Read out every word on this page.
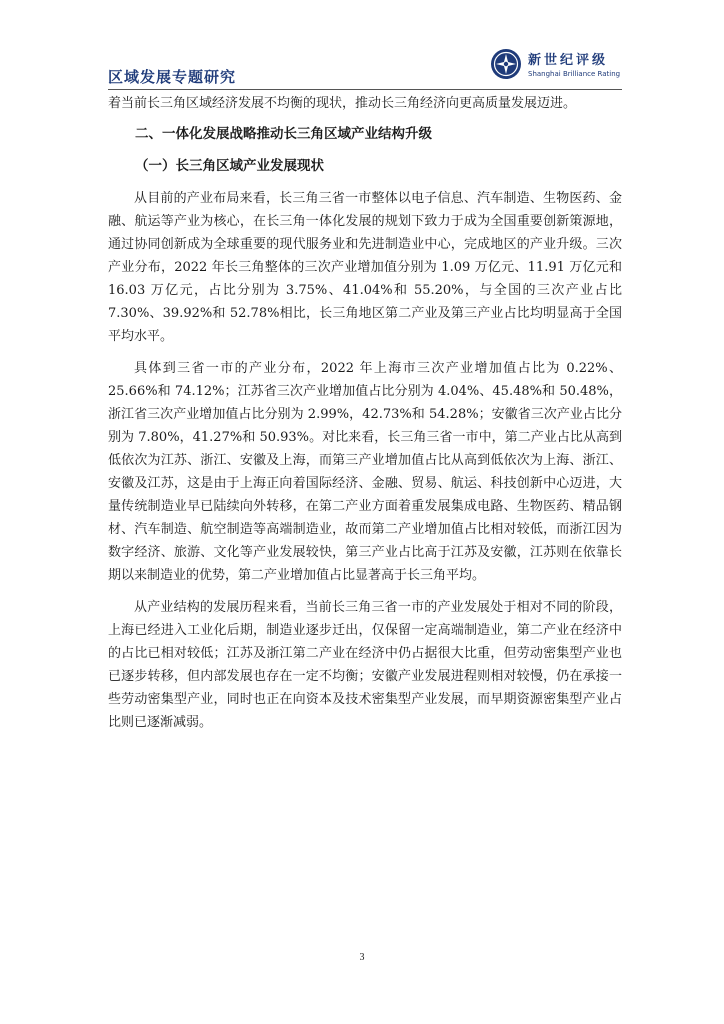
区域发展专题研究
新世纪评级
Shanghai Brilliance Rating

着当前长三角区域经济发展不均衡的现状，推动长三角经济向更高质量发展迈进。

二、一体化发展战略推动长三角区域产业结构升级

（一）长三角区域产业发展现状

从目前的产业布局来看，长三角三省一市整体以电子信息、汽车制造、生物医药、金融、航运等产业为核心，在长三角一体化发展的规划下致力于成为全国重要创新策源地，通过协同创新成为全球重要的现代服务业和先进制造业中心，完成地区的产业升级。三次产业分布，2022 年长三角整体的三次产业增加值分别为 1.09 万亿元、11.91 万亿元和 16.03 万亿元，占比分别为 3.75%、41.04%和 55.20%，与全国的三次产业占比 7.30%、39.92%和 52.78%相比，长三角地区第二产业及第三产业占比均明显高于全国平均水平。

具体到三省一市的产业分布，2022 年上海市三次产业增加值占比为 0.22%、25.66%和 74.12%；江苏省三次产业增加值占比分别为 4.04%、45.48%和 50.48%，浙江省三次产业增加值占比分别为 2.99%，42.73%和 54.28%；安徽省三次产业占比分别为 7.80%，41.27%和 50.93%。对比来看，长三角三省一市中，第二产业占比从高到低依次为江苏、浙江、安徽及上海，而第三产业增加值占比从高到低依次为上海、浙江、安徽及江苏，这是由于上海正向着国际经济、金融、贸易、航运、科技创新中心迈进，大量传统制造业早已陆续向外转移，在第二产业方面着重发展集成电路、生物医药、精品钢材、汽车制造、航空制造等高端制造业，故而第二产业增加值占比相对较低，而浙江因为数字经济、旅游、文化等产业发展较快，第三产业占比高于江苏及安徽，江苏则在依靠长期以来制造业的优势，第二产业增加值占比显著高于长三角平均。

从产业结构的发展历程来看，当前长三角三省一市的产业发展处于相对不同的阶段，上海已经进入工业化后期，制造业逐步迁出，仅保留一定高端制造业，第二产业在经济中的占比已相对较低；江苏及浙江第二产业在经济中仍占据很大比重，但劳动密集型产业也已逐步转移，但内部发展也存在一定不均衡；安徽产业发展进程则相对较慢，仍在承接一些劳动密集型产业，同时也正在向资本及技术密集型产业发展，而早期资源密集型产业占比则已逐渐减弱。

3
